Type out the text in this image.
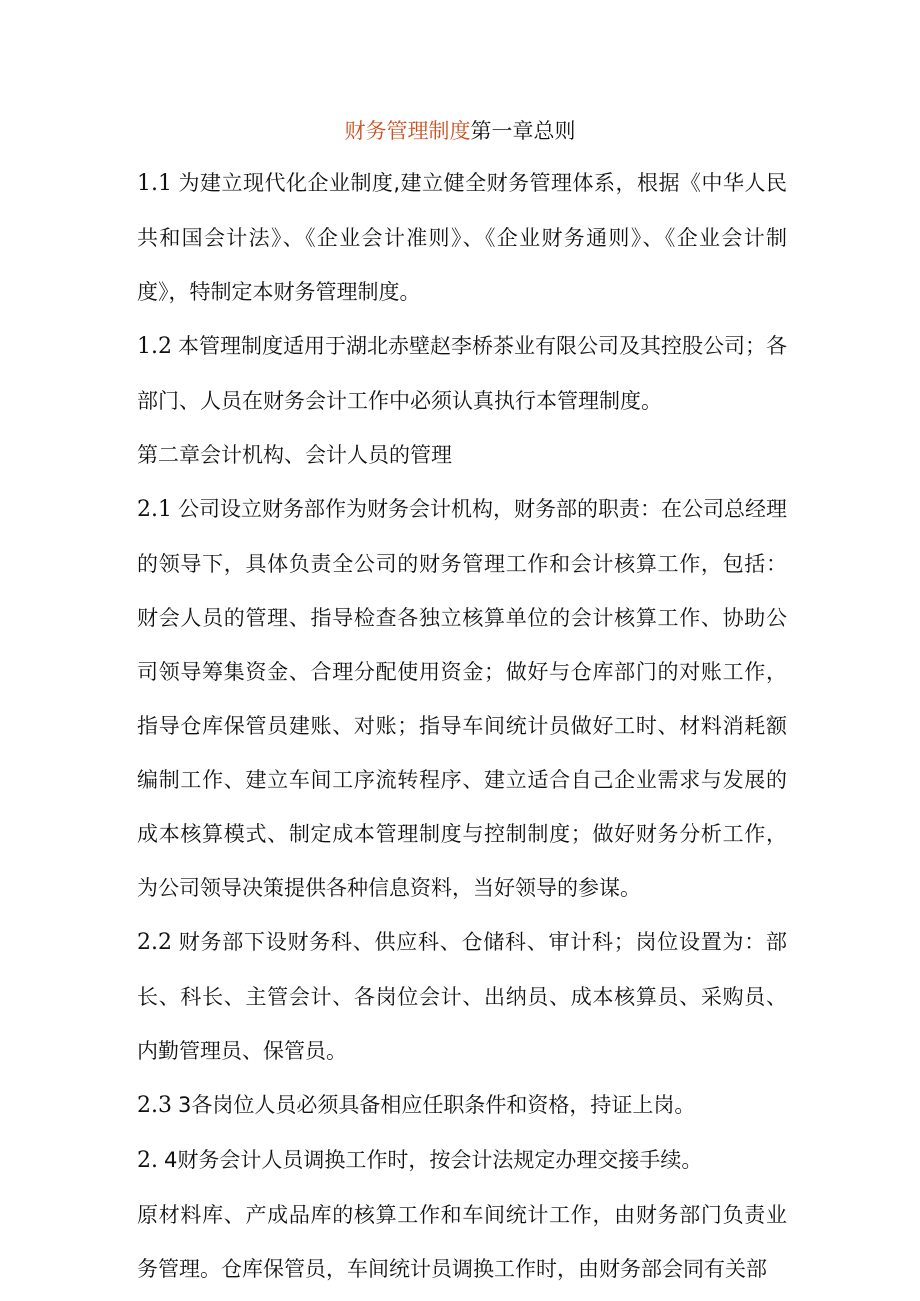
财务管理制度第一章总则

1.1 为建立现代化企业制度,建立健全财务管理体系，根据《中华人民共和国会计法》、《企业会计准则》、《企业财务通则》、《企业会计制度》，特制定本财务管理制度。

1.2 本管理制度适用于湖北赤壁赵李桥茶业有限公司及其控股公司；各部门、人员在财务会计工作中必须认真执行本管理制度。

第二章会计机构、会计人员的管理

2.1 公司设立财务部作为财务会计机构，财务部的职责：在公司总经理的领导下，具体负责全公司的财务管理工作和会计核算工作，包括：财会人员的管理、指导检查各独立核算单位的会计核算工作、协助公司领导筹集资金、合理分配使用资金；做好与仓库部门的对账工作，指导仓库保管员建账、对账；指导车间统计员做好工时、材料消耗额编制工作、建立车间工序流转程序、建立适合自己企业需求与发展的成本核算模式、制定成本管理制度与控制制度；做好财务分析工作，为公司领导决策提供各种信息资料，当好领导的参谋。

2.2 财务部下设财务科、供应科、仓储科、审计科；岗位设置为：部长、科长、主管会计、各岗位会计、出纳员、成本核算员、采购员、内勤管理员、保管员。

2.3 3各岗位人员必须具备相应任职条件和资格，持证上岗。

2. 4财务会计人员调换工作时，按会计法规定办理交接手续。

原材料库、产成品库的核算工作和车间统计工作，由财务部门负责业务管理。仓库保管员，车间统计员调换工作时，由财务部会同有关部
